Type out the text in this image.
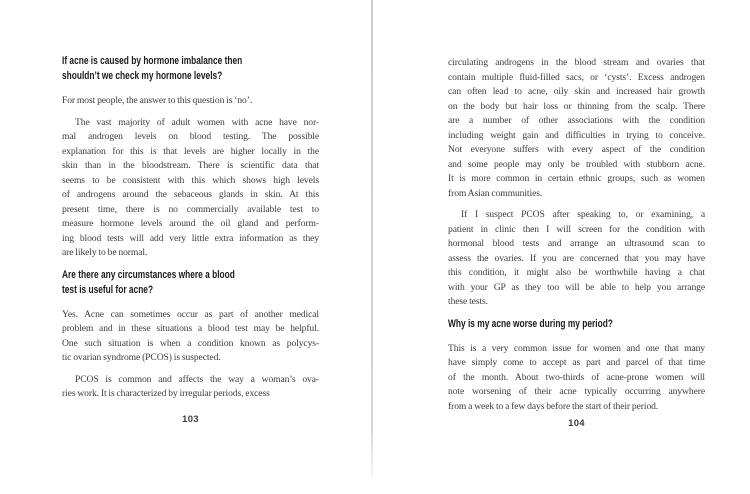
If acne is caused by hormone imbalance then
shouldn’t we check my hormone levels?
For most people, the answer to this question is ‘no’.
The vast majority of adult women with acne have nor-
mal androgen levels on blood testing. The possible
explanation for this is that levels are higher locally in the
skin than in the bloodstream. There is scientific data that
seems to be consistent with this which shows high levels
of androgens around the sebaceous glands in skin. At this
present time, there is no commercially available test to
measure hormone levels around the oil gland and perform-
ing blood tests will add very little extra information as they
are likely to be normal.
Are there any circumstances where a blood
test is useful for acne?
Yes. Acne can sometimes occur as part of another medical
problem and in these situations a blood test may be helpful.
One such situation is when a condition known as polycys-
tic ovarian syndrome (PCOS) is suspected.
PCOS is common and affects the way a woman’s ova-
ries work. It is characterized by irregular periods, excess
103
circulating androgens in the blood stream and ovaries that
contain multiple fluid-filled sacs, or ‘cysts’. Excess androgen
can often lead to acne, oily skin and increased hair growth
on the body but hair loss or thinning from the scalp. There
are a number of other associations with the condition
including weight gain and difficulties in trying to conceive.
Not everyone suffers with every aspect of the condition
and some people may only be troubled with stubborn acne.
It is more common in certain ethnic groups, such as women
from Asian communities.
If I suspect PCOS after speaking to, or examining, a
patient in clinic then I will screen for the condition with
hormonal blood tests and arrange an ultrasound scan to
assess the ovaries. If you are concerned that you may have
this condition, it might also be worthwhile having a chat
with your GP as they too will be able to help you arrange
these tests.
Why is my acne worse during my period?
This is a very common issue for women and one that many
have simply come to accept as part and parcel of that time
of the month. About two-thirds of acne-prone women will
note worsening of their acne typically occurring anywhere
from a week to a few days before the start of their period.
104
